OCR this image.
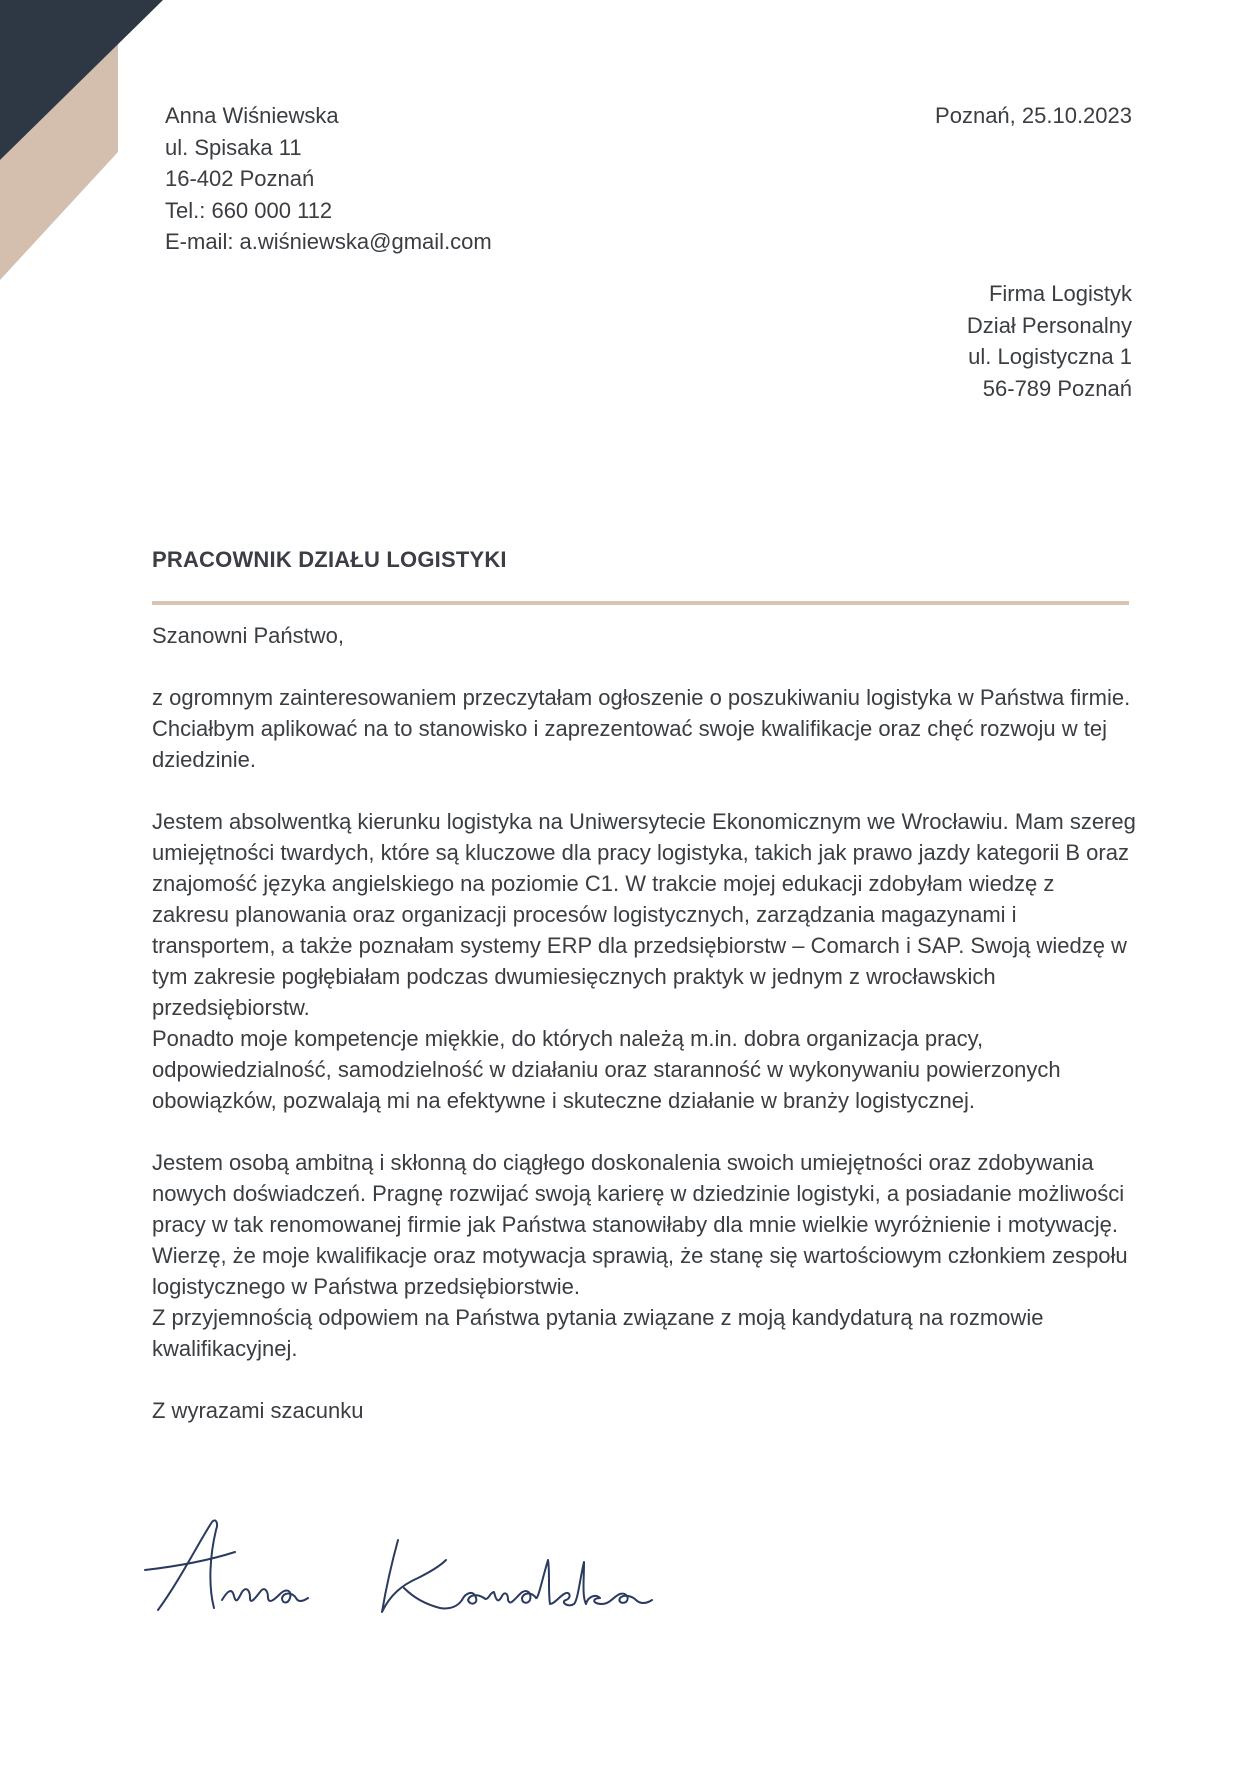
Anna Wiśniewska
ul. Spisaka 11
16-402 Poznań
Tel.: 660 000 112
E-mail: a.wiśniewska@gmail.com
Poznań, 25.10.2023
Firma Logistyk
Dział Personalny
ul. Logistyczna 1
56-789 Poznań
PRACOWNIK DZIAŁU LOGISTYKI

Szanowni Państwo,

z ogromnym zainteresowaniem przeczytałam ogłoszenie o poszukiwaniu logistyka w Państwa firmie. Chciałbym aplikować na to stanowisko i zaprezentować swoje kwalifikacje oraz chęć rozwoju w tej dziedzinie.

Jestem absolwentką kierunku logistyka na Uniwersytecie Ekonomicznym we Wrocławiu. Mam szereg umiejętności twardych, które są kluczowe dla pracy logistyka, takich jak prawo jazdy kategorii B oraz znajomość języka angielskiego na poziomie C1. W trakcie mojej edukacji zdobyłam wiedzę z zakresu planowania oraz organizacji procesów logistycznych, zarządzania magazynami i transportem, a także poznałam systemy ERP dla przedsiębiorstw – Comarch i SAP. Swoją wiedzę w tym zakresie pogłębiałam podczas dwumiesięcznych praktyk w jednym z wrocławskich przedsiębiorstw.

Ponadto moje kompetencje miękkie, do których należą m.in. dobra organizacja pracy, odpowiedzialność, samodzielność w działaniu oraz staranność w wykonywaniu powierzonych obowiązków, pozwalają mi na efektywne i skuteczne działanie w branży logistycznej.

Jestem osobą ambitną i skłonną do ciągłego doskonalenia swoich umiejętności oraz zdobywania nowych doświadczeń. Pragnę rozwijać swoją karierę w dziedzinie logistyki, a posiadanie możliwości pracy w tak renomowanej firmie jak Państwa stanowiłaby dla mnie wielkie wyróżnienie i motywację. Wierzę, że moje kwalifikacje oraz motywacja sprawią, że stanę się wartościowym członkiem zespołu logistycznego w Państwa przedsiębiorstwie.

Z przyjemnością odpowiem na Państwa pytania związane z moją kandydaturą na rozmowie kwalifikacyjnej.

Z wyrazami szacunku
